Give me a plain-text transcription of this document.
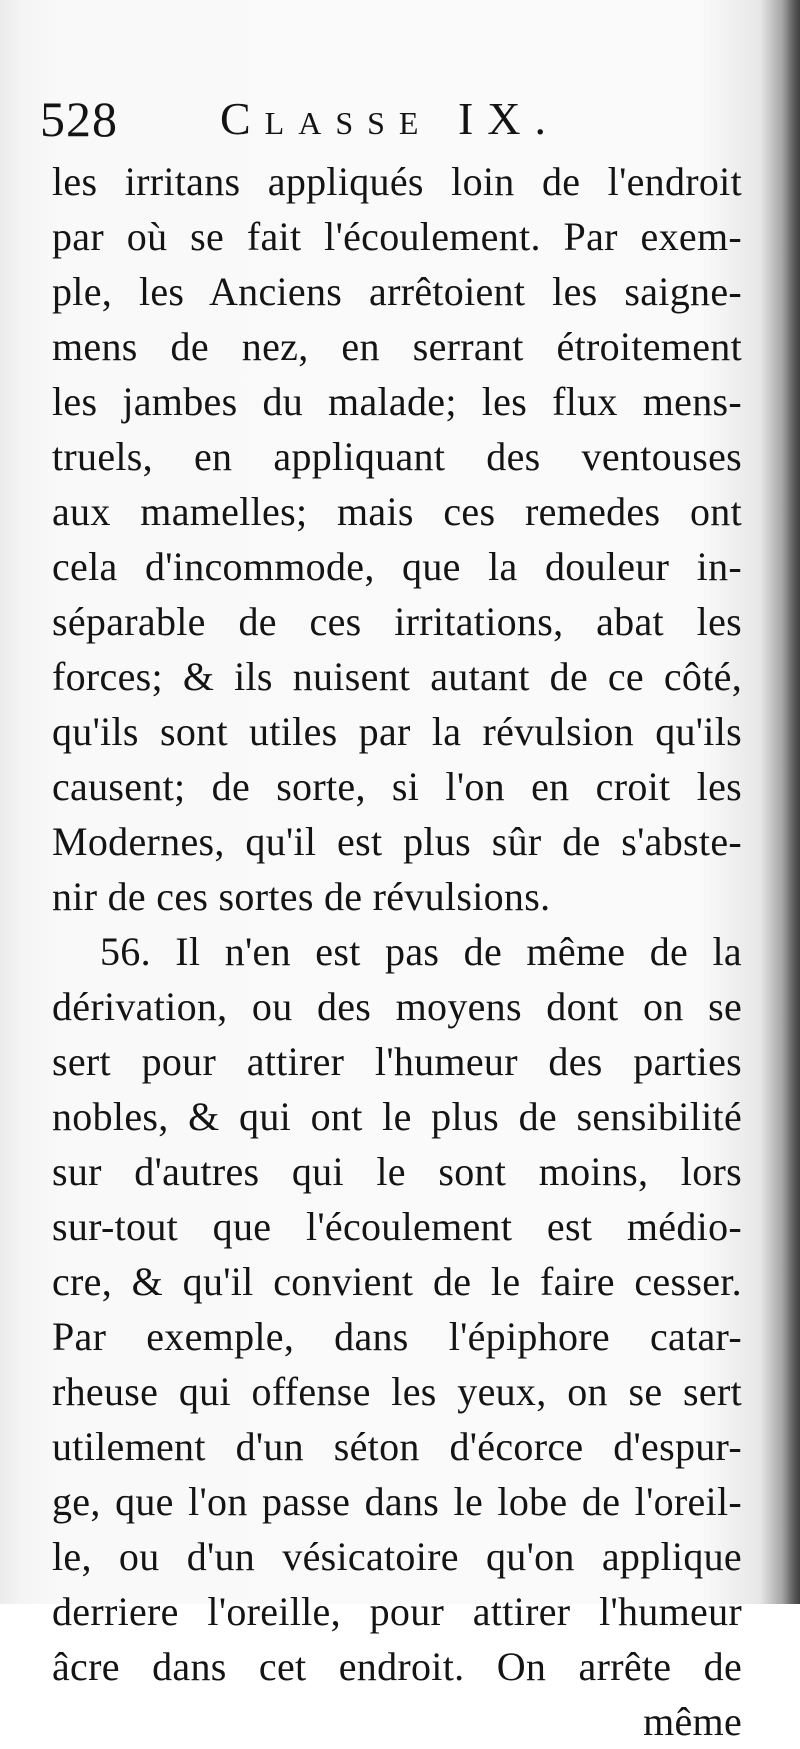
528 Classe IX.
les irritans appliqués loin de l'endroit
par où se fait l'écoulement. Par exem-
ple, les Anciens arrêtoient les saigne-
mens de nez, en serrant étroitement
les jambes du malade; les flux mens-
truels, en appliquant des ventouses
aux mamelles; mais ces remedes ont
cela d'incommode, que la douleur in-
séparable de ces irritations, abat les
forces; & ils nuisent autant de ce côté,
qu'ils sont utiles par la révulsion qu'ils
causent; de sorte, si l'on en croit les
Modernes, qu'il est plus sûr de s'abste-
nir de ces sortes de révulsions.
56. Il n'en est pas de même de la
dérivation, ou des moyens dont on se
sert pour attirer l'humeur des parties
nobles, & qui ont le plus de sensibilité
sur d'autres qui le sont moins, lors
sur-tout que l'écoulement est médio-
cre, & qu'il convient de le faire cesser.
Par exemple, dans l'épiphore catar-
rheuse qui offense les yeux, on se sert
utilement d'un séton d'écorce d'espur-
ge, que l'on passe dans le lobe de l'oreil-
le, ou d'un vésicatoire qu'on applique
derriere l'oreille, pour attirer l'humeur
âcre dans cet endroit. On arrête de
même
